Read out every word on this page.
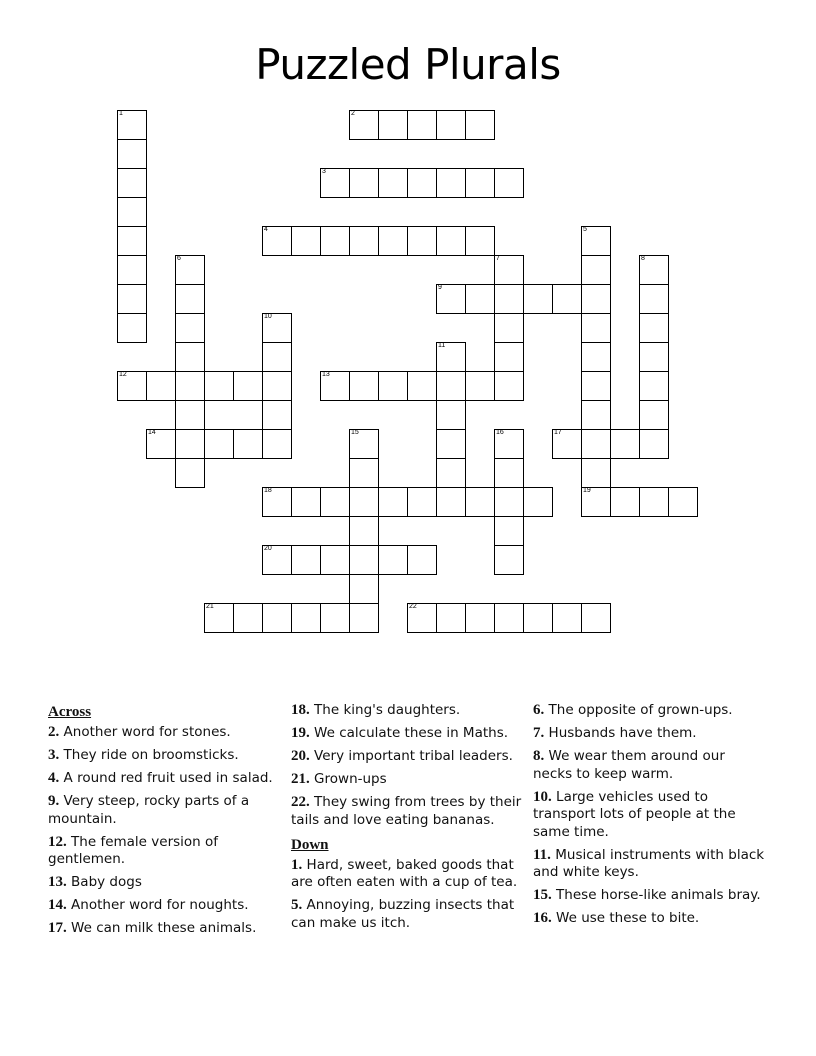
Puzzled Plurals
1	2
3
4	5
6	7	8
9
10
11
12	13
14	15	16	17
18	19
20
21	22
Across
2. Another word for stones.
3. They ride on broomsticks.
4. A round red fruit used in salad.
9. Very steep, rocky parts of a mountain.
12. The female version of gentlemen.
13. Baby dogs
14. Another word for noughts.
17. We can milk these animals.
18. The king's daughters.
19. We calculate these in Maths.
20. Very important tribal leaders.
21. Grown-ups
22. They swing from trees by their tails and love eating bananas.
Down
1. Hard, sweet, baked goods that are often eaten with a cup of tea.
5. Annoying, buzzing insects that can make us itch.
6. The opposite of grown-ups.
7. Husbands have them.
8. We wear them around our necks to keep warm.
10. Large vehicles used to transport lots of people at the same time.
11. Musical instruments with black and white keys.
15. These horse-like animals bray.
16. We use these to bite.
